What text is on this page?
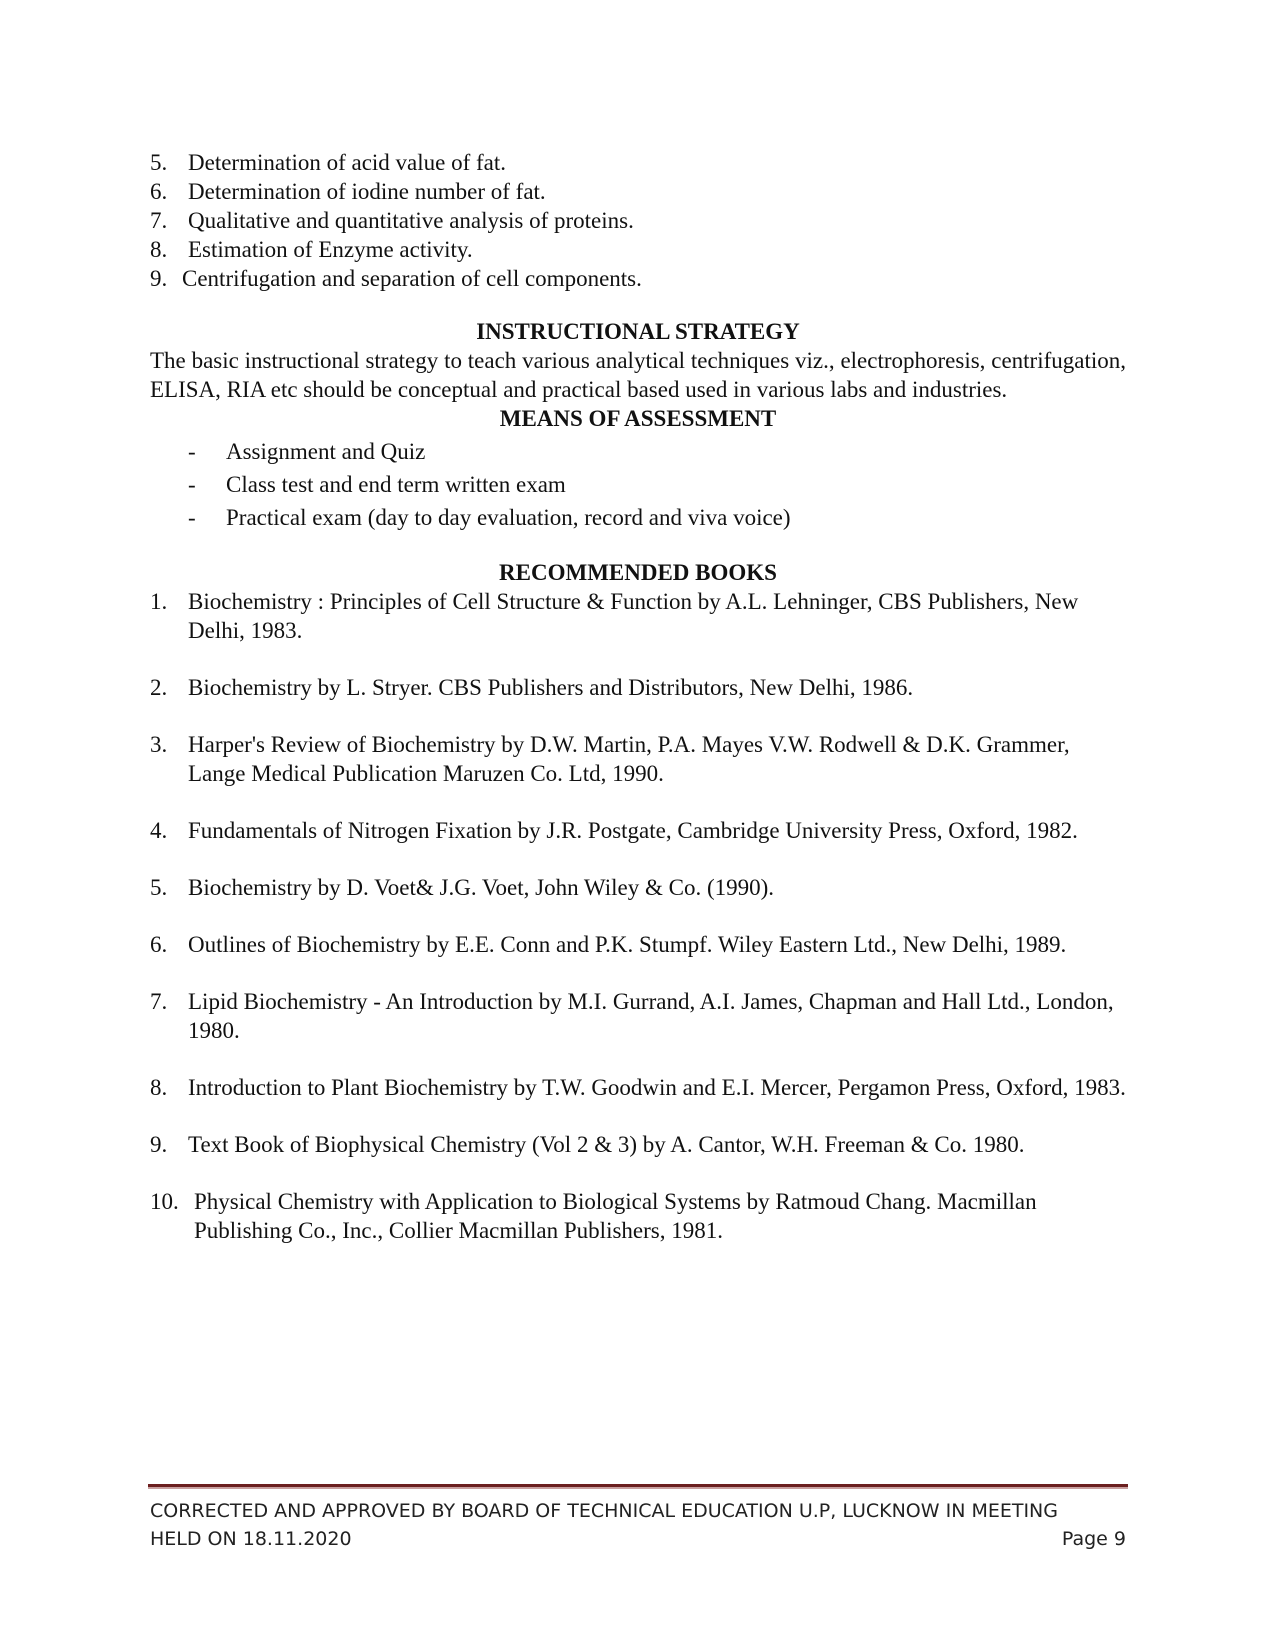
5. Determination of acid value of fat.
6. Determination of iodine number of fat.
7. Qualitative and quantitative analysis of proteins.
8. Estimation of Enzyme activity.
9. Centrifugation and separation of cell components.
INSTRUCTIONAL STRATEGY

The basic instructional strategy to teach various analytical techniques viz., electrophoresis, centrifugation, ELISA, RIA etc should be conceptual and practical based used in various labs and industries.

MEANS OF ASSESSMENT
-	Assignment and Quiz
-	Class test and end term written exam
-	Practical exam (day to day evaluation, record and viva voice)
RECOMMENDED BOOKS
1. Biochemistry : Principles of Cell Structure & Function by A.L. Lehninger, CBS Publishers, New Delhi, 1983.
2. Biochemistry by L. Stryer. CBS Publishers and Distributors, New Delhi, 1986.
3. Harper's Review of Biochemistry by D.W. Martin, P.A. Mayes V.W. Rodwell & D.K. Grammer, Lange Medical Publication Maruzen Co. Ltd, 1990.
4. Fundamentals of Nitrogen Fixation by J.R. Postgate, Cambridge University Press, Oxford, 1982.
5. Biochemistry by D. Voet& J.G. Voet, John Wiley & Co. (1990).
6. Outlines of Biochemistry by E.E. Conn and P.K. Stumpf. Wiley Eastern Ltd., New Delhi, 1989.
7. Lipid Biochemistry - An Introduction by M.I. Gurrand, A.I. James, Chapman and Hall Ltd., London, 1980.
8. Introduction to Plant Biochemistry by T.W. Goodwin and E.I. Mercer, Pergamon Press, Oxford, 1983.
9. Text Book of Biophysical Chemistry (Vol 2 & 3) by A. Cantor, W.H. Freeman & Co. 1980.
10. Physical Chemistry with Application to Biological Systems by Ratmoud Chang. Macmillan Publishing Co., Inc., Collier Macmillan Publishers, 1981.
CORRECTED AND APPROVED BY BOARD OF TECHNICAL EDUCATION U.P, LUCKNOW IN MEETING
HELD ON 18.11.2020	Page 9
